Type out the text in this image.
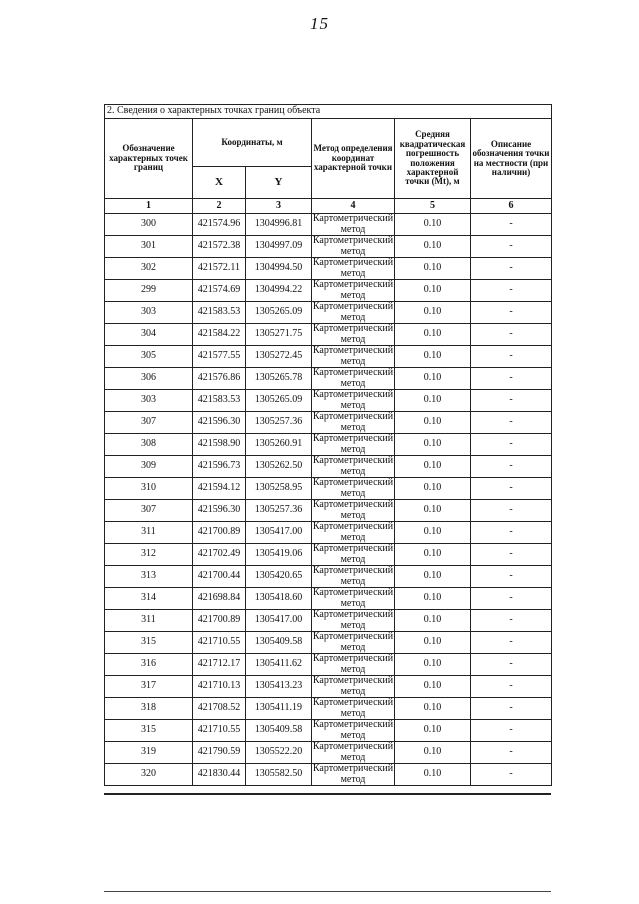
15
2. Сведения о характерных точках границ объекта					
Обозначение характерных точек границ	Координаты, м		Метод определения координат характерной точки	Средняя квадратическая погрешность положения характерной точки (Mt), м	Описание обозначения точки на местности (при наличии)
	X	Y			
1	2	3	4	5	6
300	421574.96	1304996.81	Картометрический метод	0.10	-
301	421572.38	1304997.09	Картометрический метод	0.10	-
302	421572.11	1304994.50	Картометрический метод	0.10	-
299	421574.69	1304994.22	Картометрический метод	0.10	-
303	421583.53	1305265.09	Картометрический метод	0.10	-
304	421584.22	1305271.75	Картометрический метод	0.10	-
305	421577.55	1305272.45	Картометрический метод	0.10	-
306	421576.86	1305265.78	Картометрический метод	0.10	-
303	421583.53	1305265.09	Картометрический метод	0.10	-
307	421596.30	1305257.36	Картометрический метод	0.10	-
308	421598.90	1305260.91	Картометрический метод	0.10	-
309	421596.73	1305262.50	Картометрический метод	0.10	-
310	421594.12	1305258.95	Картометрический метод	0.10	-
307	421596.30	1305257.36	Картометрический метод	0.10	-
311	421700.89	1305417.00	Картометрический метод	0.10	-
312	421702.49	1305419.06	Картометрический метод	0.10	-
313	421700.44	1305420.65	Картометрический метод	0.10	-
314	421698.84	1305418.60	Картометрический метод	0.10	-
311	421700.89	1305417.00	Картометрический метод	0.10	-
315	421710.55	1305409.58	Картометрический метод	0.10	-
316	421712.17	1305411.62	Картометрический метод	0.10	-
317	421710.13	1305413.23	Картометрический метод	0.10	-
318	421708.52	1305411.19	Картометрический метод	0.10	-
315	421710.55	1305409.58	Картометрический метод	0.10	-
319	421790.59	1305522.20	Картометрический метод	0.10	-
320	421830.44	1305582.50	Картометрический метод	0.10	-
